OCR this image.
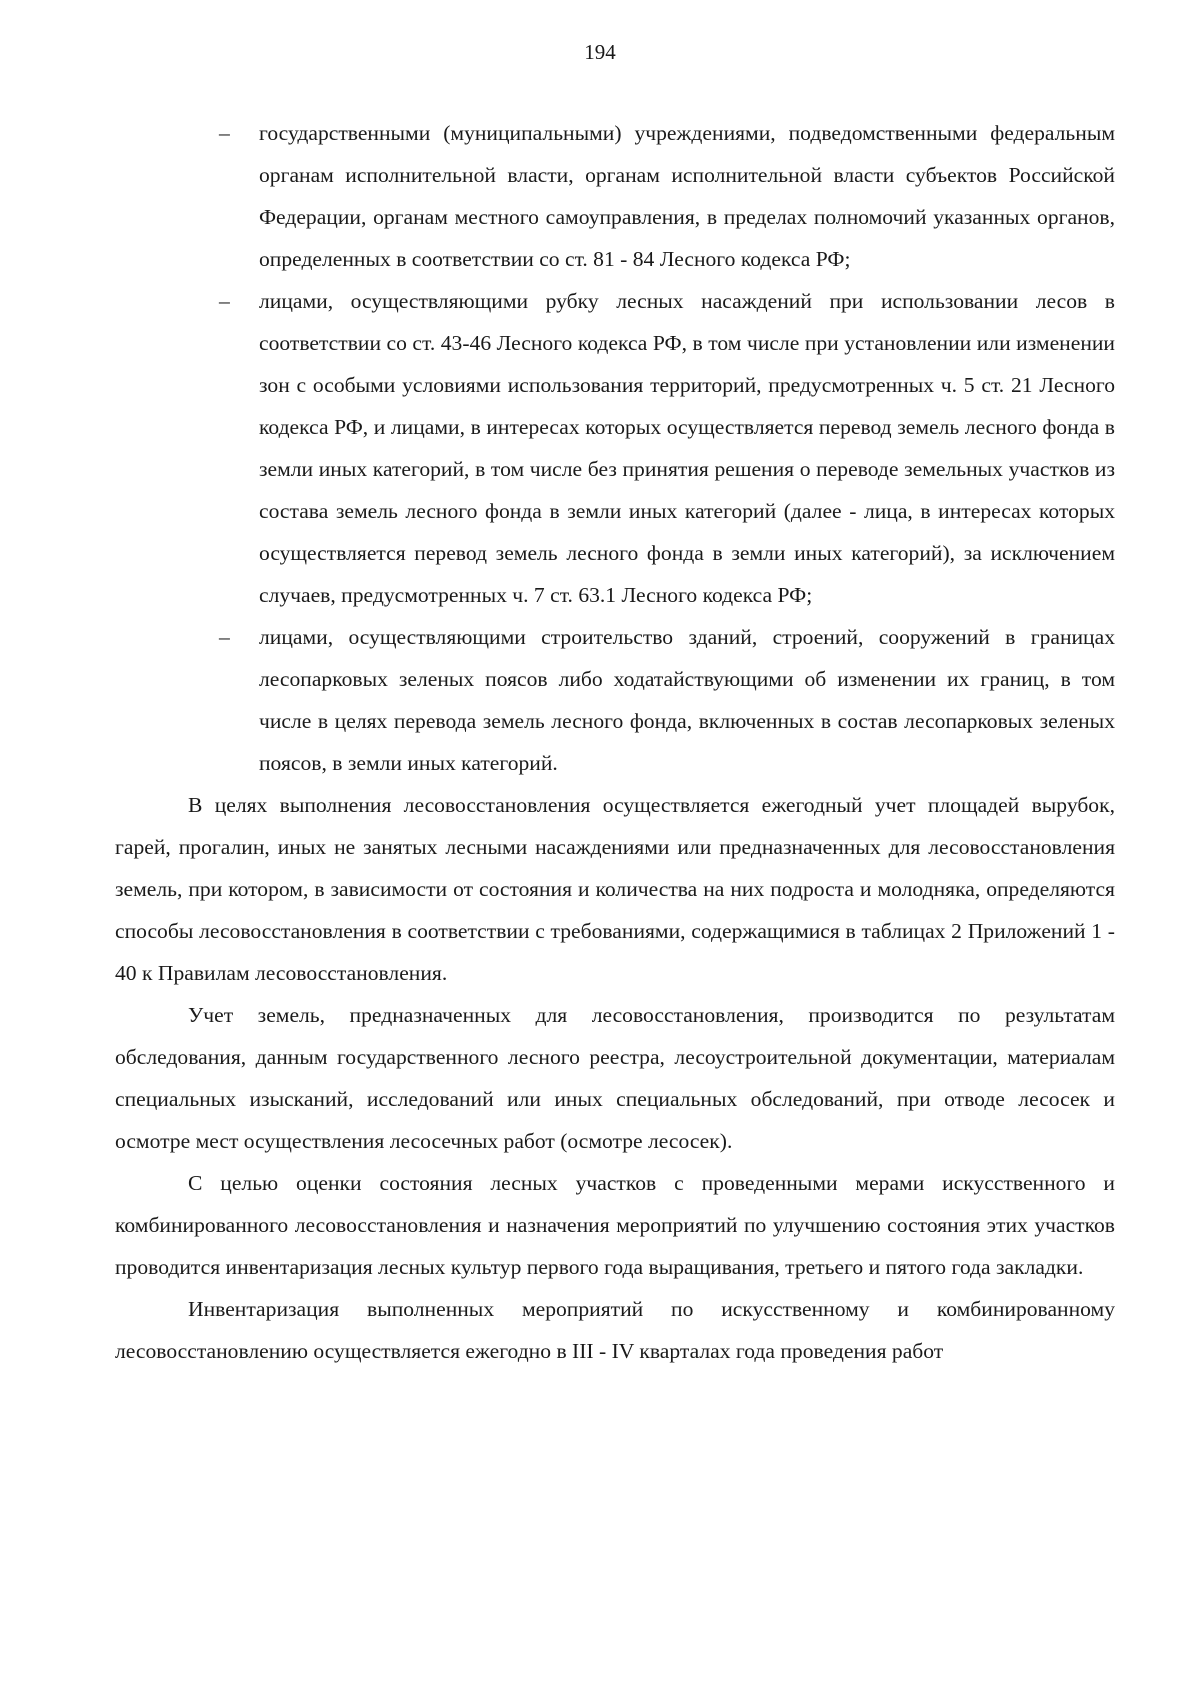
194
– государственными (муниципальными) учреждениями, подведомственными федеральным органам исполнительной власти, органам исполнительной власти субъектов Российской Федерации, органам местного самоуправления, в пределах полномочий указанных органов, определенных в соответствии со ст. 81 - 84 Лесного кодекса РФ;
– лицами, осуществляющими рубку лесных насаждений при использовании лесов в соответствии со ст. 43-46 Лесного кодекса РФ, в том числе при установлении или изменении зон с особыми условиями использования территорий, предусмотренных ч. 5 ст. 21 Лесного кодекса РФ, и лицами, в интересах которых осуществляется перевод земель лесного фонда в земли иных категорий, в том числе без принятия решения о переводе земельных участков из состава земель лесного фонда в земли иных категорий (далее - лица, в интересах которых осуществляется перевод земель лесного фонда в земли иных категорий), за исключением случаев, предусмотренных ч. 7 ст. 63.1 Лесного кодекса РФ;
– лицами, осуществляющими строительство зданий, строений, сооружений в границах лесопарковых зеленых поясов либо ходатайствующими об изменении их границ, в том числе в целях перевода земель лесного фонда, включенных в состав лесопарковых зеленых поясов, в земли иных категорий.

В целях выполнения лесовосстановления осуществляется ежегодный учет площадей вырубок, гарей, прогалин, иных не занятых лесными насаждениями или предназначенных для лесовосстановления земель, при котором, в зависимости от состояния и количества на них подроста и молодняка, определяются способы лесовосстановления в соответствии с требованиями, содержащимися в таблицах 2 Приложений 1 - 40 к Правилам лесовосстановления.

Учет земель, предназначенных для лесовосстановления, производится по результатам обследования, данным государственного лесного реестра, лесоустроительной документации, материалам специальных изысканий, исследований или иных специальных обследований, при отводе лесосек и осмотре мест осуществления лесосечных работ (осмотре лесосек).

С целью оценки состояния лесных участков с проведенными мерами искусственного и комбинированного лесовосстановления и назначения мероприятий по улучшению состояния этих участков проводится инвентаризация лесных культур первого года выращивания, третьего и пятого года закладки.

Инвентаризация выполненных мероприятий по искусственному и комбинированному лесовосстановлению осуществляется ежегодно в III - IV кварталах года проведения работ
